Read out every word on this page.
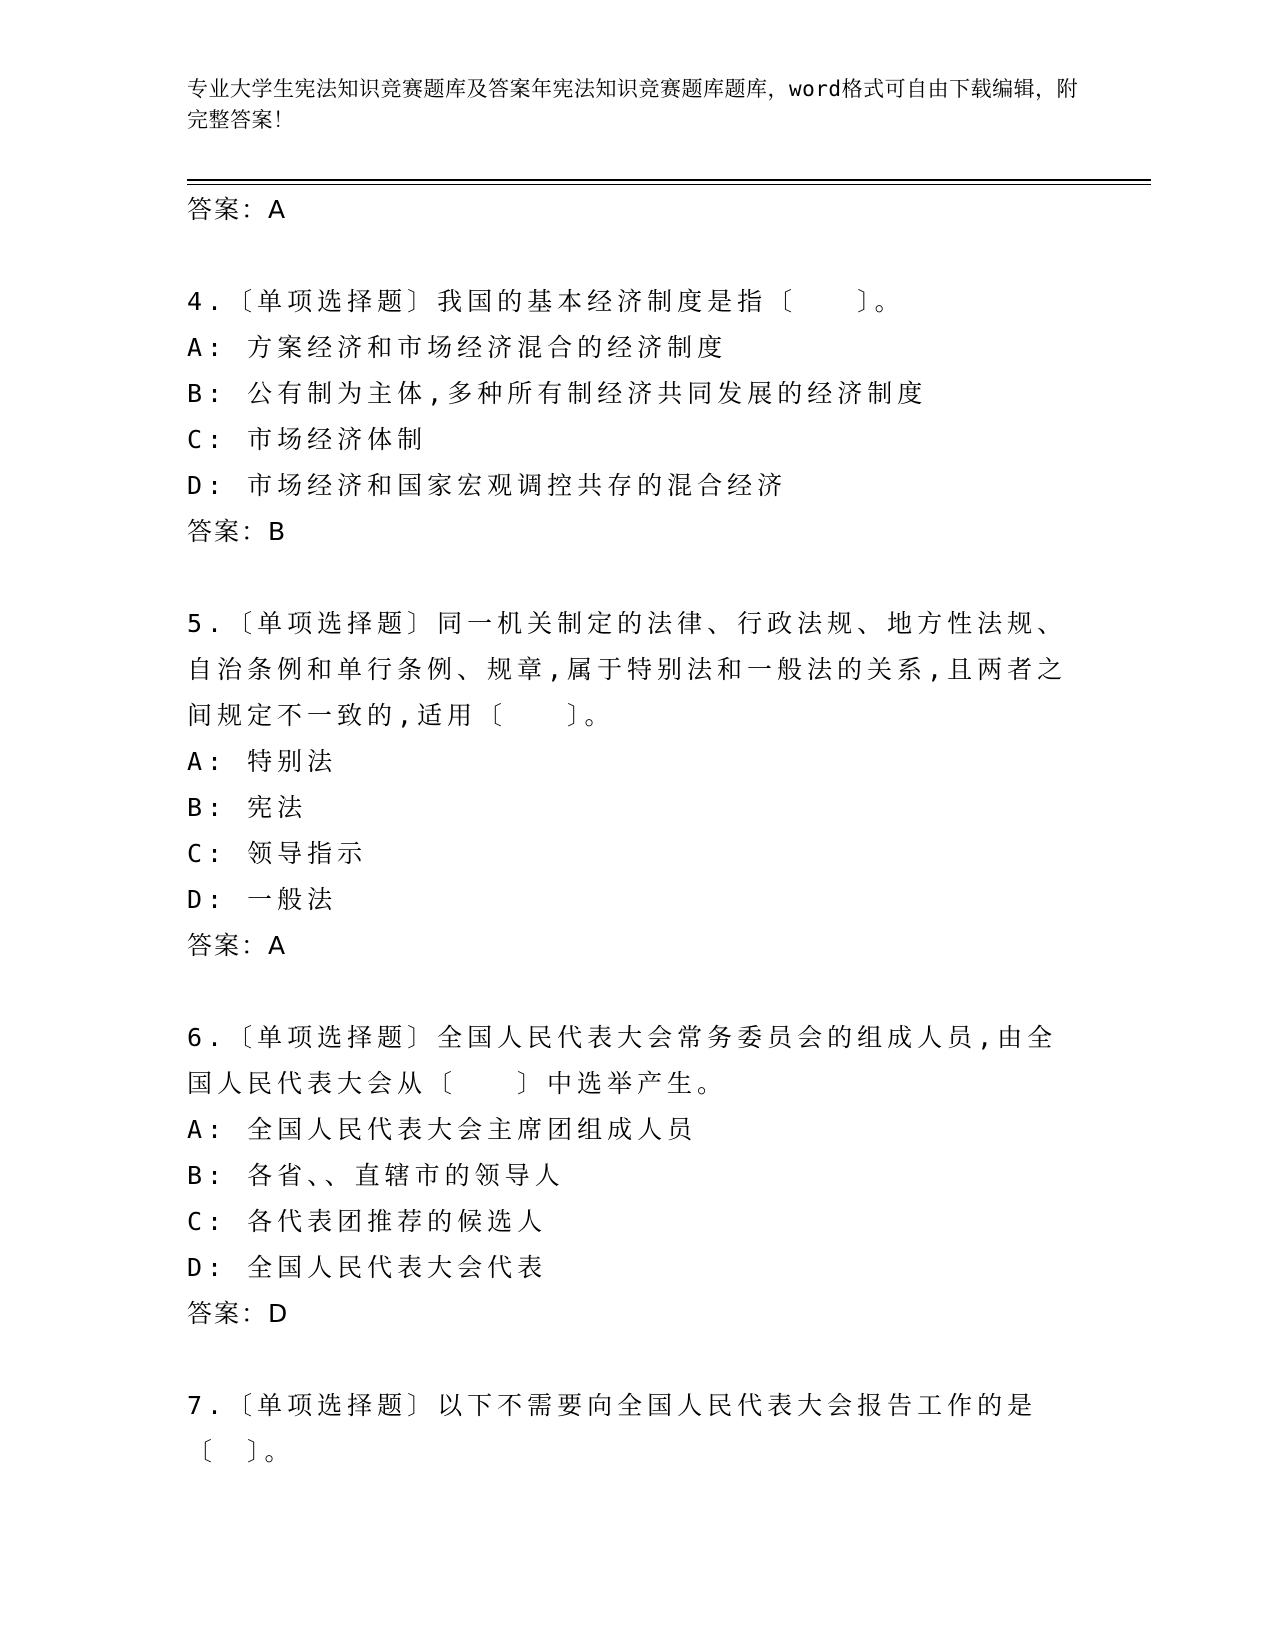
专业大学生宪法知识竞赛题库及答案年宪法知识竞赛题库题库，word格式可自由下载编辑，附完整答案！
答案：A
4.〔单项选择题〕我国的基本经济制度是指〔　　〕。
A: 方案经济和市场经济混合的经济制度
B: 公有制为主体,多种所有制经济共同发展的经济制度
C: 市场经济体制
D: 市场经济和国家宏观调控共存的混合经济
答案：B
5.〔单项选择题〕同一机关制定的法律、行政法规、地方性法规、自治条例和单行条例、规章,属于特别法和一般法的关系,且两者之间规定不一致的,适用〔　　〕。
A: 特别法
B: 宪法
C: 领导指示
D: 一般法
答案：A
6.〔单项选择题〕全国人民代表大会常务委员会的组成人员,由全国人民代表大会从〔　　〕中选举产生。
A: 全国人民代表大会主席团组成人员
B: 各省、、直辖市的领导人
C: 各代表团推荐的候选人
D: 全国人民代表大会代表
答案：D
7.〔单项选择题〕以下不需要向全国人民代表大会报告工作的是〔　〕。
